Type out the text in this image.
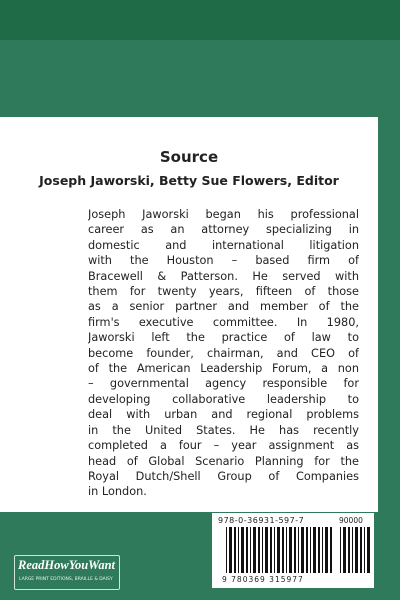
Source
Joseph Jaworski, Betty Sue Flowers, Editor
Joseph Jaworski began his professional
career as an attorney specializing in
domestic and international litigation
with the Houston – based firm of
Bracewell & Patterson. He served with
them for twenty years, fifteen of those
as a senior partner and member of the
firm's executive committee. In 1980,
Jaworski left the practice of law to
become founder, chairman, and CEO of
of the American Leadership Forum, a non
– governmental agency responsible for
developing collaborative leadership to
deal with urban and regional problems
in the United States. He has recently
completed a four – year assignment as
head of Global Scenario Planning for the
Royal Dutch/Shell Group of Companies
in London.
978-0-36931-597-7	90000
9 780369 315977
ReadHowYouWant
LARGE PRINT EDITIONS, BRAILLE & DAISY
